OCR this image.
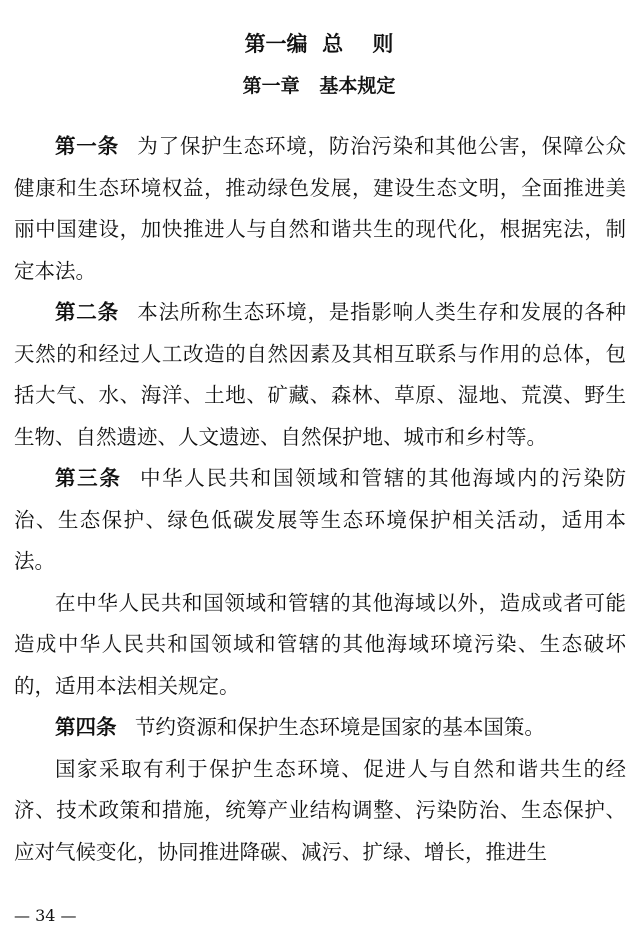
第一编  总    则
第一章   基本规定

第一条 为了保护生态环境，防治污染和其他公害，保障公众健康和生态环境权益，推动绿色发展，建设生态文明，全面推进美丽中国建设，加快推进人与自然和谐共生的现代化，根据宪法，制定本法。

第二条 本法所称生态环境，是指影响人类生存和发展的各种天然的和经过人工改造的自然因素及其相互联系与作用的总体，包括大气、水、海洋、土地、矿藏、森林、草原、湿地、荒漠、野生生物、自然遗迹、人文遗迹、自然保护地、城市和乡村等。

第三条 中华人民共和国领域和管辖的其他海域内的污染防治、生态保护、绿色低碳发展等生态环境保护相关活动，适用本法。

在中华人民共和国领域和管辖的其他海域以外，造成或者可能造成中华人民共和国领域和管辖的其他海域环境污染、生态破坏的，适用本法相关规定。

第四条 节约资源和保护生态环境是国家的基本国策。

国家采取有利于保护生态环境、促进人与自然和谐共生的经济、技术政策和措施，统筹产业结构调整、污染防治、生态保护、应对气候变化，协同推进降碳、减污、扩绿、增长，推进生

— 34 —
